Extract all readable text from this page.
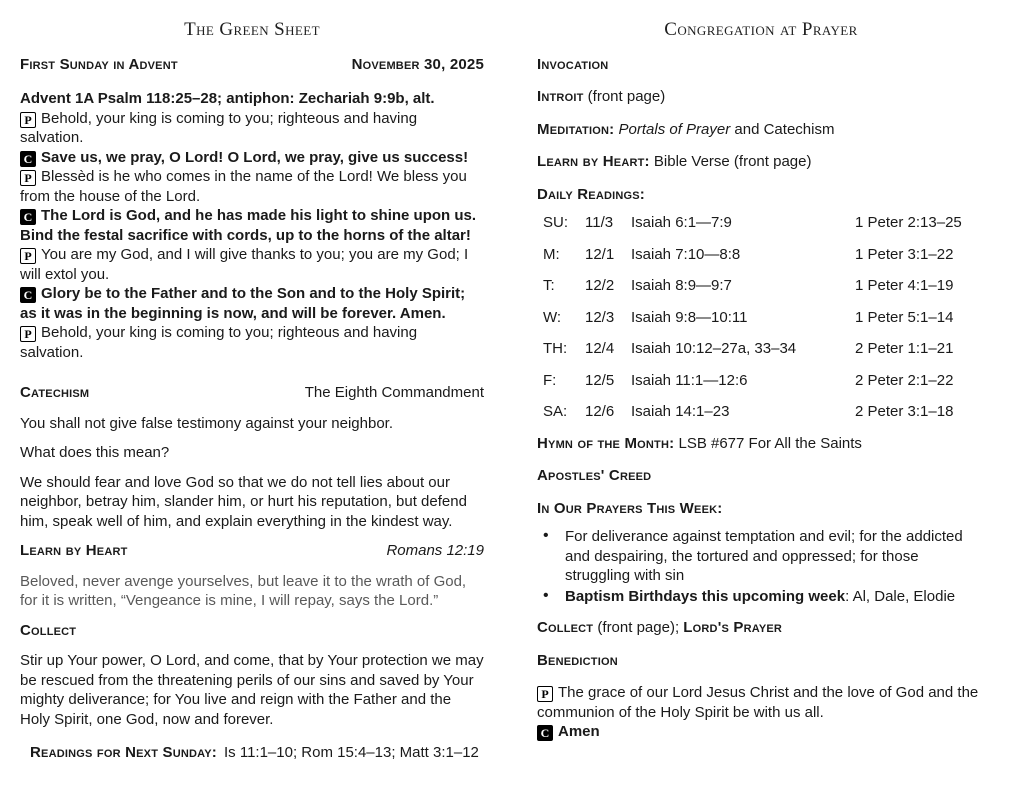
The Green Sheet
First Sunday in Advent	November 30, 2025
Advent 1A Psalm 118:25–28; antiphon: Zechariah 9:9b, alt.
P Behold, your king is coming to you; righteous and having salvation.
C Save us, we pray, O Lord! O Lord, we pray, give us success!
P Blessèd is he who comes in the name of the Lord! We bless you from the house of the Lord.
C The Lord is God, and he has made his light to shine upon us. Bind the festal sacrifice with cords, up to the horns of the altar!
P You are my God, and I will give thanks to you; you are my God; I will extol you.
C Glory be to the Father and to the Son and to the Holy Spirit; as it was in the beginning is now, and will be forever. Amen.
P Behold, your king is coming to you; righteous and having salvation.
Catechism	The Eighth Commandment

You shall not give false testimony against your neighbor.

What does this mean?

We should fear and love God so that we do not tell lies about our neighbor, betray him, slander him, or hurt his reputation, but defend him, speak well of him, and explain everything in the kindest way.

Learn by Heart	Romans 12:19

Beloved, never avenge yourselves, but leave it to the wrath of God, for it is written, “Vengeance is mine, I will repay, says the Lord.”

Collect

Stir up Your power, O Lord, and come, that by Your protection we may be rescued from the threatening perils of our sins and saved by Your mighty deliverance; for You live and reign with the Father and the Holy Spirit, one God, now and forever.

Readings for Next Sunday: Is 11:1–10; Rom 15:4–13; Matt 3:1–12
Congregation at Prayer
Invocation
Introit (front page)
Meditation: Portals of Prayer and Catechism
Learn by Heart: Bible Verse (front page)
Daily Readings:
SU:	11/3	Isaiah 6:1—7:9	1 Peter 2:13–25
M:	12/1	Isaiah 7:10—8:8	1 Peter 3:1–22
T:	12/2	Isaiah 8:9—9:7	1 Peter 4:1–19
W:	12/3	Isaiah 9:8—10:11	1 Peter 5:1–14
TH:	12/4	Isaiah 10:12–27a, 33–34	2 Peter 1:1–21
F:	12/5	Isaiah 11:1—12:6	2 Peter 2:1–22
SA:	12/6	Isaiah 14:1–23	2 Peter 3:1–18
Hymn of the Month: LSB #677 For All the Saints
Apostles' Creed
In Our Prayers This Week:
• For deliverance against temptation and evil; for the addicted and despairing, the tortured and oppressed; for those struggling with sin
• Baptism Birthdays this upcoming week: Al, Dale, Elodie
Collect (front page); Lord's Prayer
Benediction
P The grace of our Lord Jesus Christ and the love of God and the communion of the Holy Spirit be with us all.
C Amen
